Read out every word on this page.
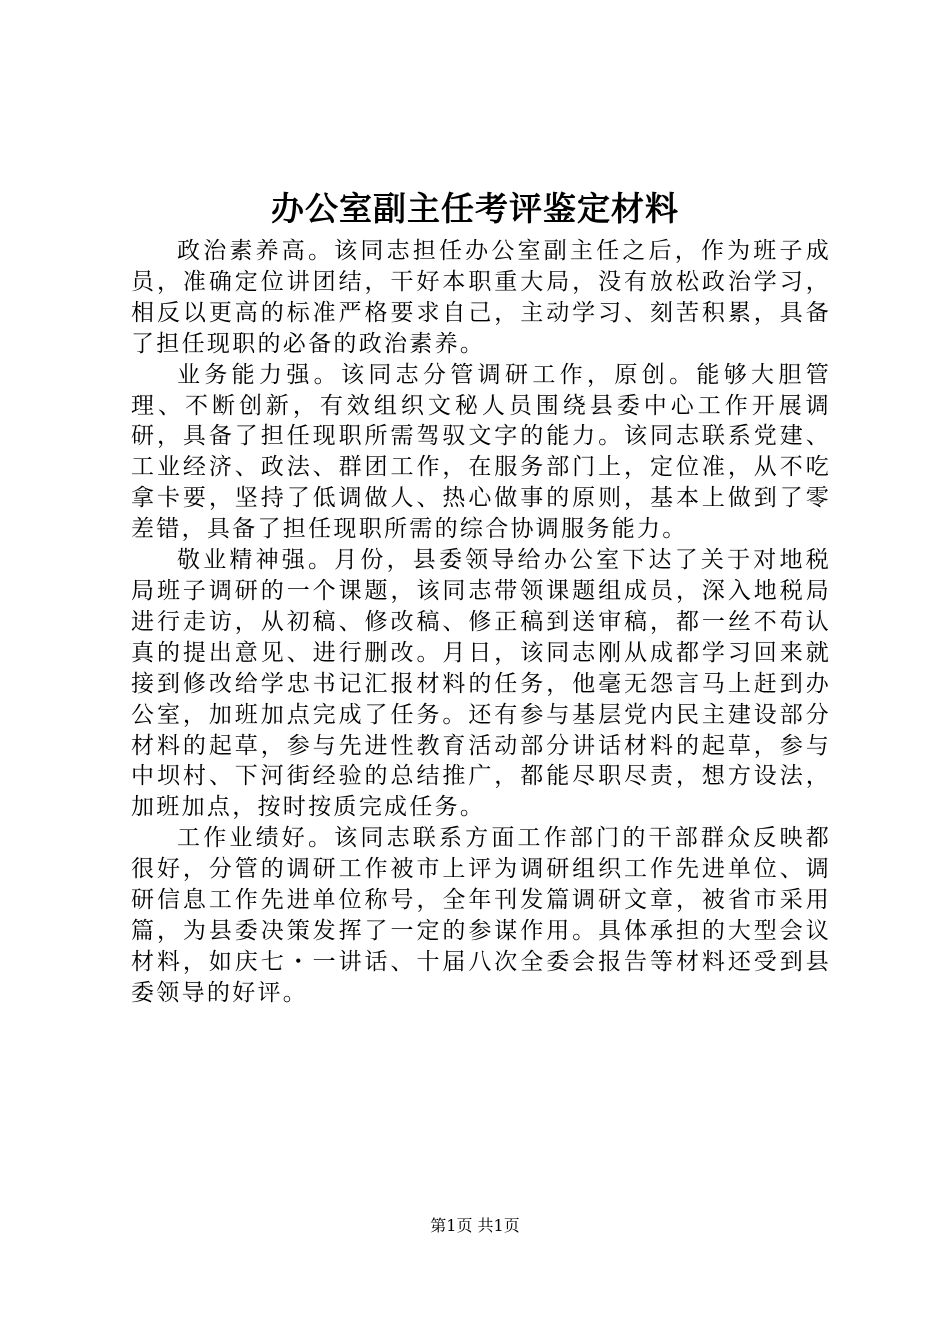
办公室副主任考评鉴定材料

政治素养高。该同志担任办公室副主任之后，作为班子成员，准确定位讲团结，干好本职重大局，没有放松政治学习，相反以更高的标准严格要求自己，主动学习、刻苦积累，具备了担任现职的必备的政治素养。

业务能力强。该同志分管调研工作，原创。能够大胆管理、不断创新，有效组织文秘人员围绕县委中心工作开展调研，具备了担任现职所需驾驭文字的能力。该同志联系党建、工业经济、政法、群团工作，在服务部门上，定位准，从不吃拿卡要，坚持了低调做人、热心做事的原则，基本上做到了零差错，具备了担任现职所需的综合协调服务能力。

敬业精神强。月份，县委领导给办公室下达了关于对地税局班子调研的一个课题，该同志带领课题组成员，深入地税局进行走访，从初稿、修改稿、修正稿到送审稿，都一丝不苟认真的提出意见、进行删改。月日，该同志刚从成都学习回来就接到修改给学忠书记汇报材料的任务，他毫无怨言马上赶到办公室，加班加点完成了任务。还有参与基层党内民主建设部分材料的起草，参与先进性教育活动部分讲话材料的起草，参与中坝村、下河街经验的总结推广，都能尽职尽责，想方设法，加班加点，按时按质完成任务。

工作业绩好。该同志联系方面工作部门的干部群众反映都很好，分管的调研工作被市上评为调研组织工作先进单位、调研信息工作先进单位称号，全年刊发篇调研文章，被省市采用篇，为县委决策发挥了一定的参谋作用。具体承担的大型会议材料，如庆七・一讲话、十届八次全委会报告等材料还受到县委领导的好评。

第1页 共1页
